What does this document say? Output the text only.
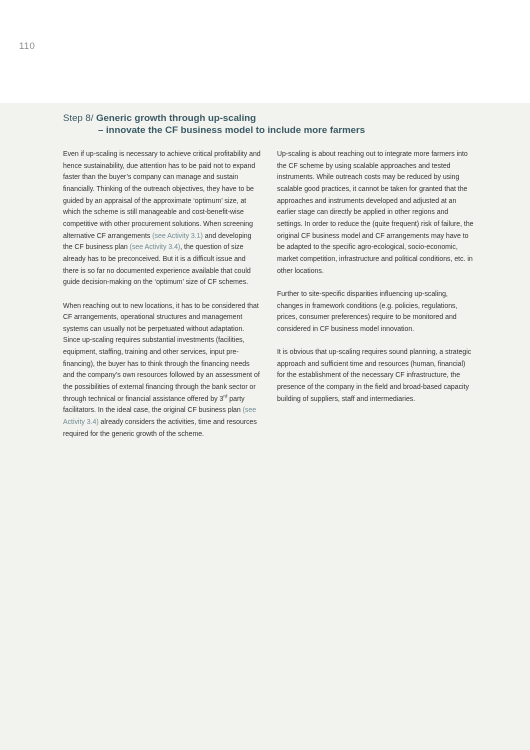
110
Step 8/ Generic growth through up-scaling
– innovate the CF business model to include more farmers

Even if up-scaling is necessary to achieve critical profitability and hence sustainability, due attention has to be paid not to expand faster than the buyer’s company can manage and sustain financially. Thinking of the outreach objectives, they have to be guided by an appraisal of the approximate ‘optimum’ size, at which the scheme is still manageable and cost-benefit-wise competitive with other procurement solutions. When screening alternative CF arrangements (see Activity 3.1) and developing the CF business plan (see Activity 3.4), the question of size already has to be preconceived. But it is a difficult issue and there is so far no documented experience available that could guide decision-making on the ‘optimum’ size of CF schemes.

When reaching out to new locations, it has to be considered that CF arrangements, operational structures and management systems can usually not be perpetuated without adaptation. Since up-scaling requires substantial investments (facilities, equipment, staffing, training and other services, input pre-financing), the buyer has to think through the financing needs and the company’s own resources followed by an assessment of the possibilities of external financing through the bank sector or through technical or financial assistance offered by 3rd party facilitators. In the ideal case, the original CF business plan (see Activity 3.4) already considers the activities, time and resources required for the generic growth of the scheme.

Up-scaling is about reaching out to integrate more farmers into the CF scheme by using scalable approaches and tested instruments. While outreach costs may be reduced by using scalable good practices, it cannot be taken for granted that the approaches and instruments developed and adjusted at an earlier stage can directly be applied in other regions and settings. In order to reduce the (quite frequent) risk of failure, the original CF business model and CF arrangements may have to be adapted to the specific agro-ecological, socio-economic, market competition, infrastructure and political conditions, etc. in other locations.

Further to site-specific disparities influencing up-scaling, changes in framework conditions (e.g. policies, regulations, prices, consumer preferences) require to be monitored and considered in CF business model innovation.

It is obvious that up-scaling requires sound planning, a strategic approach and sufficient time and resources (human, financial) for the establishment of the necessary CF infrastructure, the presence of the company in the field and broad-based capacity building of suppliers, staff and intermediaries.
